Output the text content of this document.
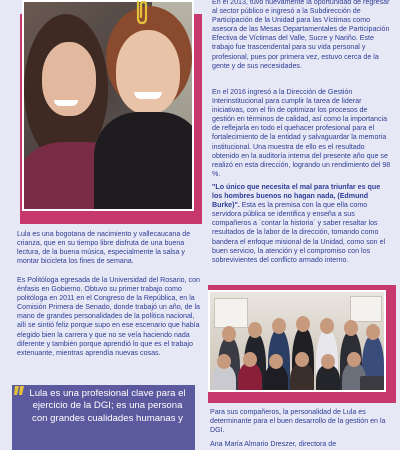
Lula es una bogotana de nacimiento y vallecaucana de crianza, que en su tiempo libre disfruta de una buena lectura, de la buena música, especialmente la salsa y montar bicicleta los fines de semana.

Es Politóloga egresada de la Universidad del Rosario, con énfasis en Gobierno. Obtuvo su primer trabajo como politóloga en 2011 en el Congreso de la República, en la Comisión Primera de Senado, donde trabajó un año, de la mano de grandes personalidades de la política nacional, allí se sintió feliz porque supo en ese escenario que había elegido bien la carrera y que no se veía haciendo nada diferente y también porque aprendió lo que es el trabajo extenuante, mientras aprendía nuevas cosas.

Lula es una profesional clave para el ejercicio de la DGI; es una persona con grandes cualidades humanas y

En el 2013, tuvo nuevamente la oportunidad de regresar al sector público e ingresó a la Subdirección de Participación de la Unidad para las Víctimas como asesora de las Mesas Departamentales de Participación Efectiva de Víctimas del Valle, Sucre y Nariño. Este trabajo fue trascendental para su vida personal y profesional, pues por primera vez, estuvo cerca de la gente y de sus necesidades.

En el 2016 ingresó a la Dirección de Gestión Interinstitucional para cumplir la tarea de liderar iniciativas, con el fin de optimizar los procesos de gestión en términos de calidad, así como la importancia de reflejarla en todo el quehacer profesional para el fortalecimiento de la entidad y salvaguardar la memoria institucional. Una muestra de ello es el resultado obtenido en la auditoría interna del presente año que se realizó en esta dirección, logrando un rendimiento del 98 %.

"Lo único que necesita el mal para triunfar es que los hombres buenos no hagan nada, (Edmund Burke)". Esta es la premisa con la que ella como servidora pública se identifica y enseña a sus compañeros a ´contar la historia´ y saber resaltar los resultados de la labor de la dirección, tomando como bandera el enfoque misional de la Unidad, como son el buen servicio, la atención y el compromiso con los sobrevivientes del conflicto armado interno.

Para sus compañeros, la personalidad de Lula es determinante para el buen desarrollo de la gestión en la DGI.

Ana María Almario Dreszer, directora de
